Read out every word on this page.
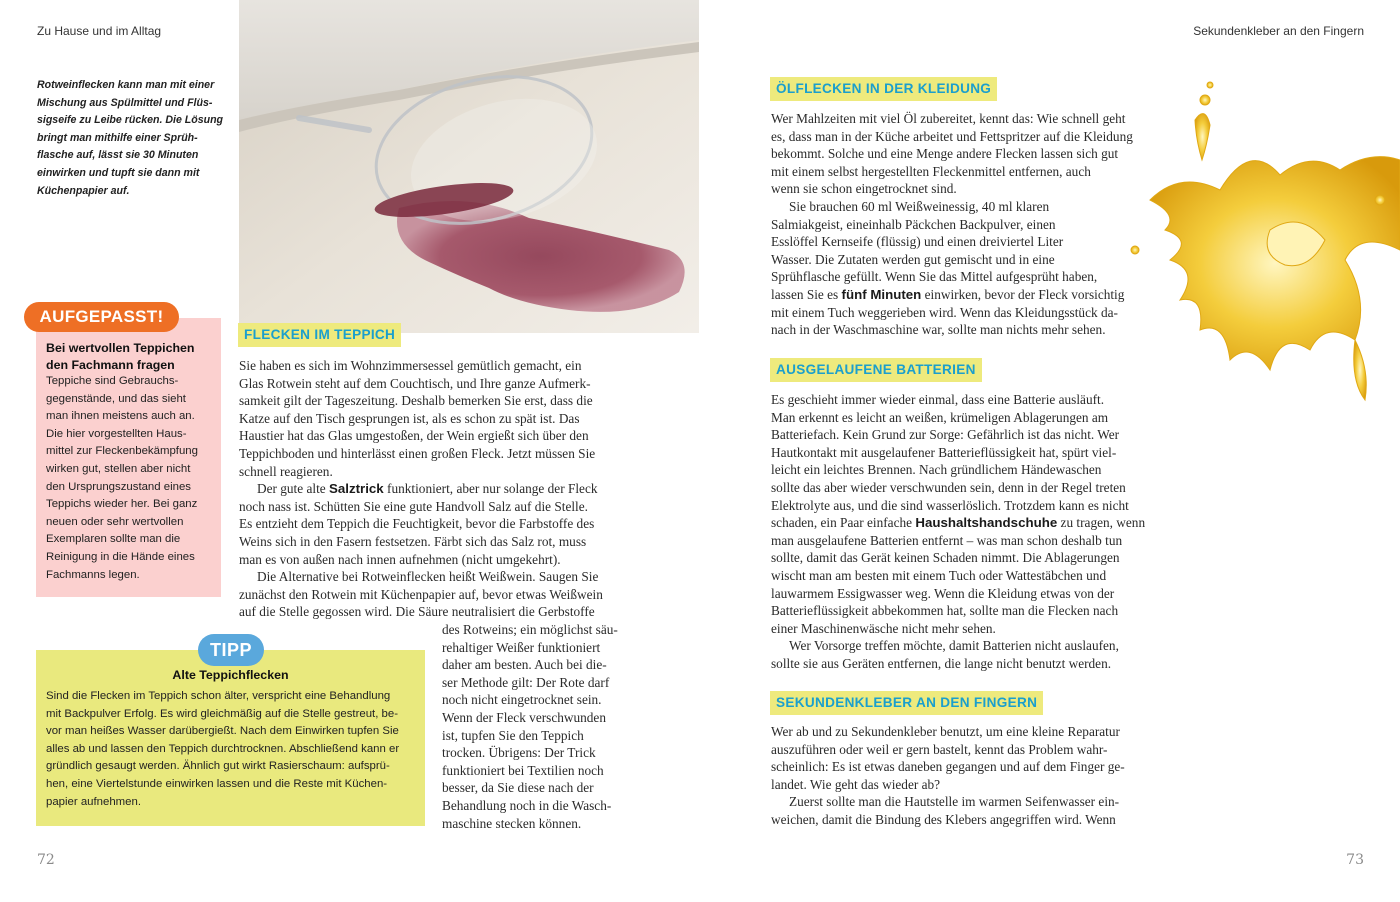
Zu Hause und im Alltag	Sekundenkleber an den Fingern
Rotweinflecken kann man mit einer
Mischung aus Spülmittel und Flüs-
sigseife zu Leibe rücken. Die Lösung
bringt man mithilfe einer Sprüh-
flasche auf, lässt sie 30 Minuten
einwirken und tupft sie dann mit
Küchenpapier auf.
Bei wertvollen Teppichen
den Fachmann fragen
Teppiche sind Gebrauchs-
gegenstände, und das sieht
man ihnen meistens auch an.
Die hier vorgestellten Haus-
mittel zur Fleckenbekämpfung
wirken gut, stellen aber nicht
den Ursprungszustand eines
Teppichs wieder her. Bei ganz
neuen oder sehr wertvollen
Exemplaren sollte man die
Reinigung in die Hände eines
Fachmanns legen.
AUFGEPASST!
Alte Teppichflecken
Sind die Flecken im Teppich schon älter, verspricht eine Behandlung
mit Backpulver Erfolg. Es wird gleichmäßig auf die Stelle gestreut, be-
vor man heißes Wasser darübergießt. Nach dem Einwirken tupfen Sie
alles ab und lassen den Teppich durchtrocknen. Abschließend kann er
gründlich gesaugt werden. Ähnlich gut wirkt Rasierschaum: aufsprü-
hen, eine Viertelstunde einwirken lassen und die Reste mit Küchen-
papier aufnehmen.
TIPP
FLECKEN IM TEPPICH
Sie haben es sich im Wohnzimmersessel gemütlich gemacht, ein
Glas Rotwein steht auf dem Couchtisch, und Ihre ganze Aufmerk-
samkeit gilt der Tageszeitung. Deshalb bemerken Sie erst, dass die
Katze auf den Tisch gesprungen ist, als es schon zu spät ist. Das
Haustier hat das Glas umgestoßen, der Wein ergießt sich über den
Teppichboden und hinterlässt einen großen Fleck. Jetzt müssen Sie
schnell reagieren.
Der gute alte Salztrick funktioniert, aber nur solange der Fleck
noch nass ist. Schütten Sie eine gute Handvoll Salz auf die Stelle.
Es entzieht dem Teppich die Feuchtigkeit, bevor die Farbstoffe des
Weins sich in den Fasern festsetzen. Färbt sich das Salz rot, muss
man es von außen nach innen aufnehmen (nicht umgekehrt).
Die Alternative bei Rotweinflecken heißt Weißwein. Saugen Sie
zunächst den Rotwein mit Küchenpapier auf, bevor etwas Weißwein
auf die Stelle gegossen wird. Die Säure neutralisiert die Gerbstoffe
des Rotweins; ein möglichst säu-
rehaltiger Weißer funktioniert
daher am besten. Auch bei die-
ser Methode gilt: Der Rote darf
noch nicht eingetrocknet sein.
Wenn der Fleck verschwunden
ist, tupfen Sie den Teppich
trocken. Übrigens: Der Trick
funktioniert bei Textilien noch
besser, da Sie diese nach der
Behandlung noch in die Wasch-
maschine stecken können.
ÖLFLECKEN IN DER KLEIDUNG
Wer Mahlzeiten mit viel Öl zubereitet, kennt das: Wie schnell geht
es, dass man in der Küche arbeitet und Fettspritzer auf die Kleidung
bekommt. Solche und eine Menge andere Flecken lassen sich gut
mit einem selbst hergestellten Fleckenmittel entfernen, auch
wenn sie schon eingetrocknet sind.
Sie brauchen 60 ml Weißweinessig, 40 ml klaren
Salmiakgeist, eineinhalb Päckchen Backpulver, einen
Esslöffel Kernseife (flüssig) und einen dreiviertel Liter
Wasser. Die Zutaten werden gut gemischt und in eine
Sprühflasche gefüllt. Wenn Sie das Mittel aufgesprüht haben,
lassen Sie es fünf Minuten einwirken, bevor der Fleck vorsichtig
mit einem Tuch weggerieben wird. Wenn das Kleidungsstück da-
nach in der Waschmaschine war, sollte man nichts mehr sehen.
AUSGELAUFENE BATTERIEN
Es geschieht immer wieder einmal, dass eine Batterie ausläuft.
Man erkennt es leicht an weißen, krümeligen Ablagerungen am
Batteriefach. Kein Grund zur Sorge: Gefährlich ist das nicht. Wer
Hautkontakt mit ausgelaufener Batterieflüssigkeit hat, spürt viel-
leicht ein leichtes Brennen. Nach gründlichem Händewaschen
sollte das aber wieder verschwunden sein, denn in der Regel treten
Elektrolyte aus, und die sind wasserlöslich. Trotzdem kann es nicht
schaden, ein Paar einfache Haushaltshandschuhe zu tragen, wenn
man ausgelaufene Batterien entfernt – was man schon deshalb tun
sollte, damit das Gerät keinen Schaden nimmt. Die Ablagerungen
wischt man am besten mit einem Tuch oder Wattestäbchen und
lauwarmem Essigwasser weg. Wenn die Kleidung etwas von der
Batterieflüssigkeit abbekommen hat, sollte man die Flecken nach
einer Maschinenwäsche nicht mehr sehen.
Wer Vorsorge treffen möchte, damit Batterien nicht auslaufen,
sollte sie aus Geräten entfernen, die lange nicht benutzt werden.
SEKUNDENKLEBER AN DEN FINGERN
Wer ab und zu Sekundenkleber benutzt, um eine kleine Reparatur
auszuführen oder weil er gern bastelt, kennt das Problem wahr-
scheinlich: Es ist etwas daneben gegangen und auf dem Finger ge-
landet. Wie geht das wieder ab?
Zuerst sollte man die Hautstelle im warmen Seifenwasser ein-
weichen, damit die Bindung des Klebers angegriffen wird. Wenn
72	73
